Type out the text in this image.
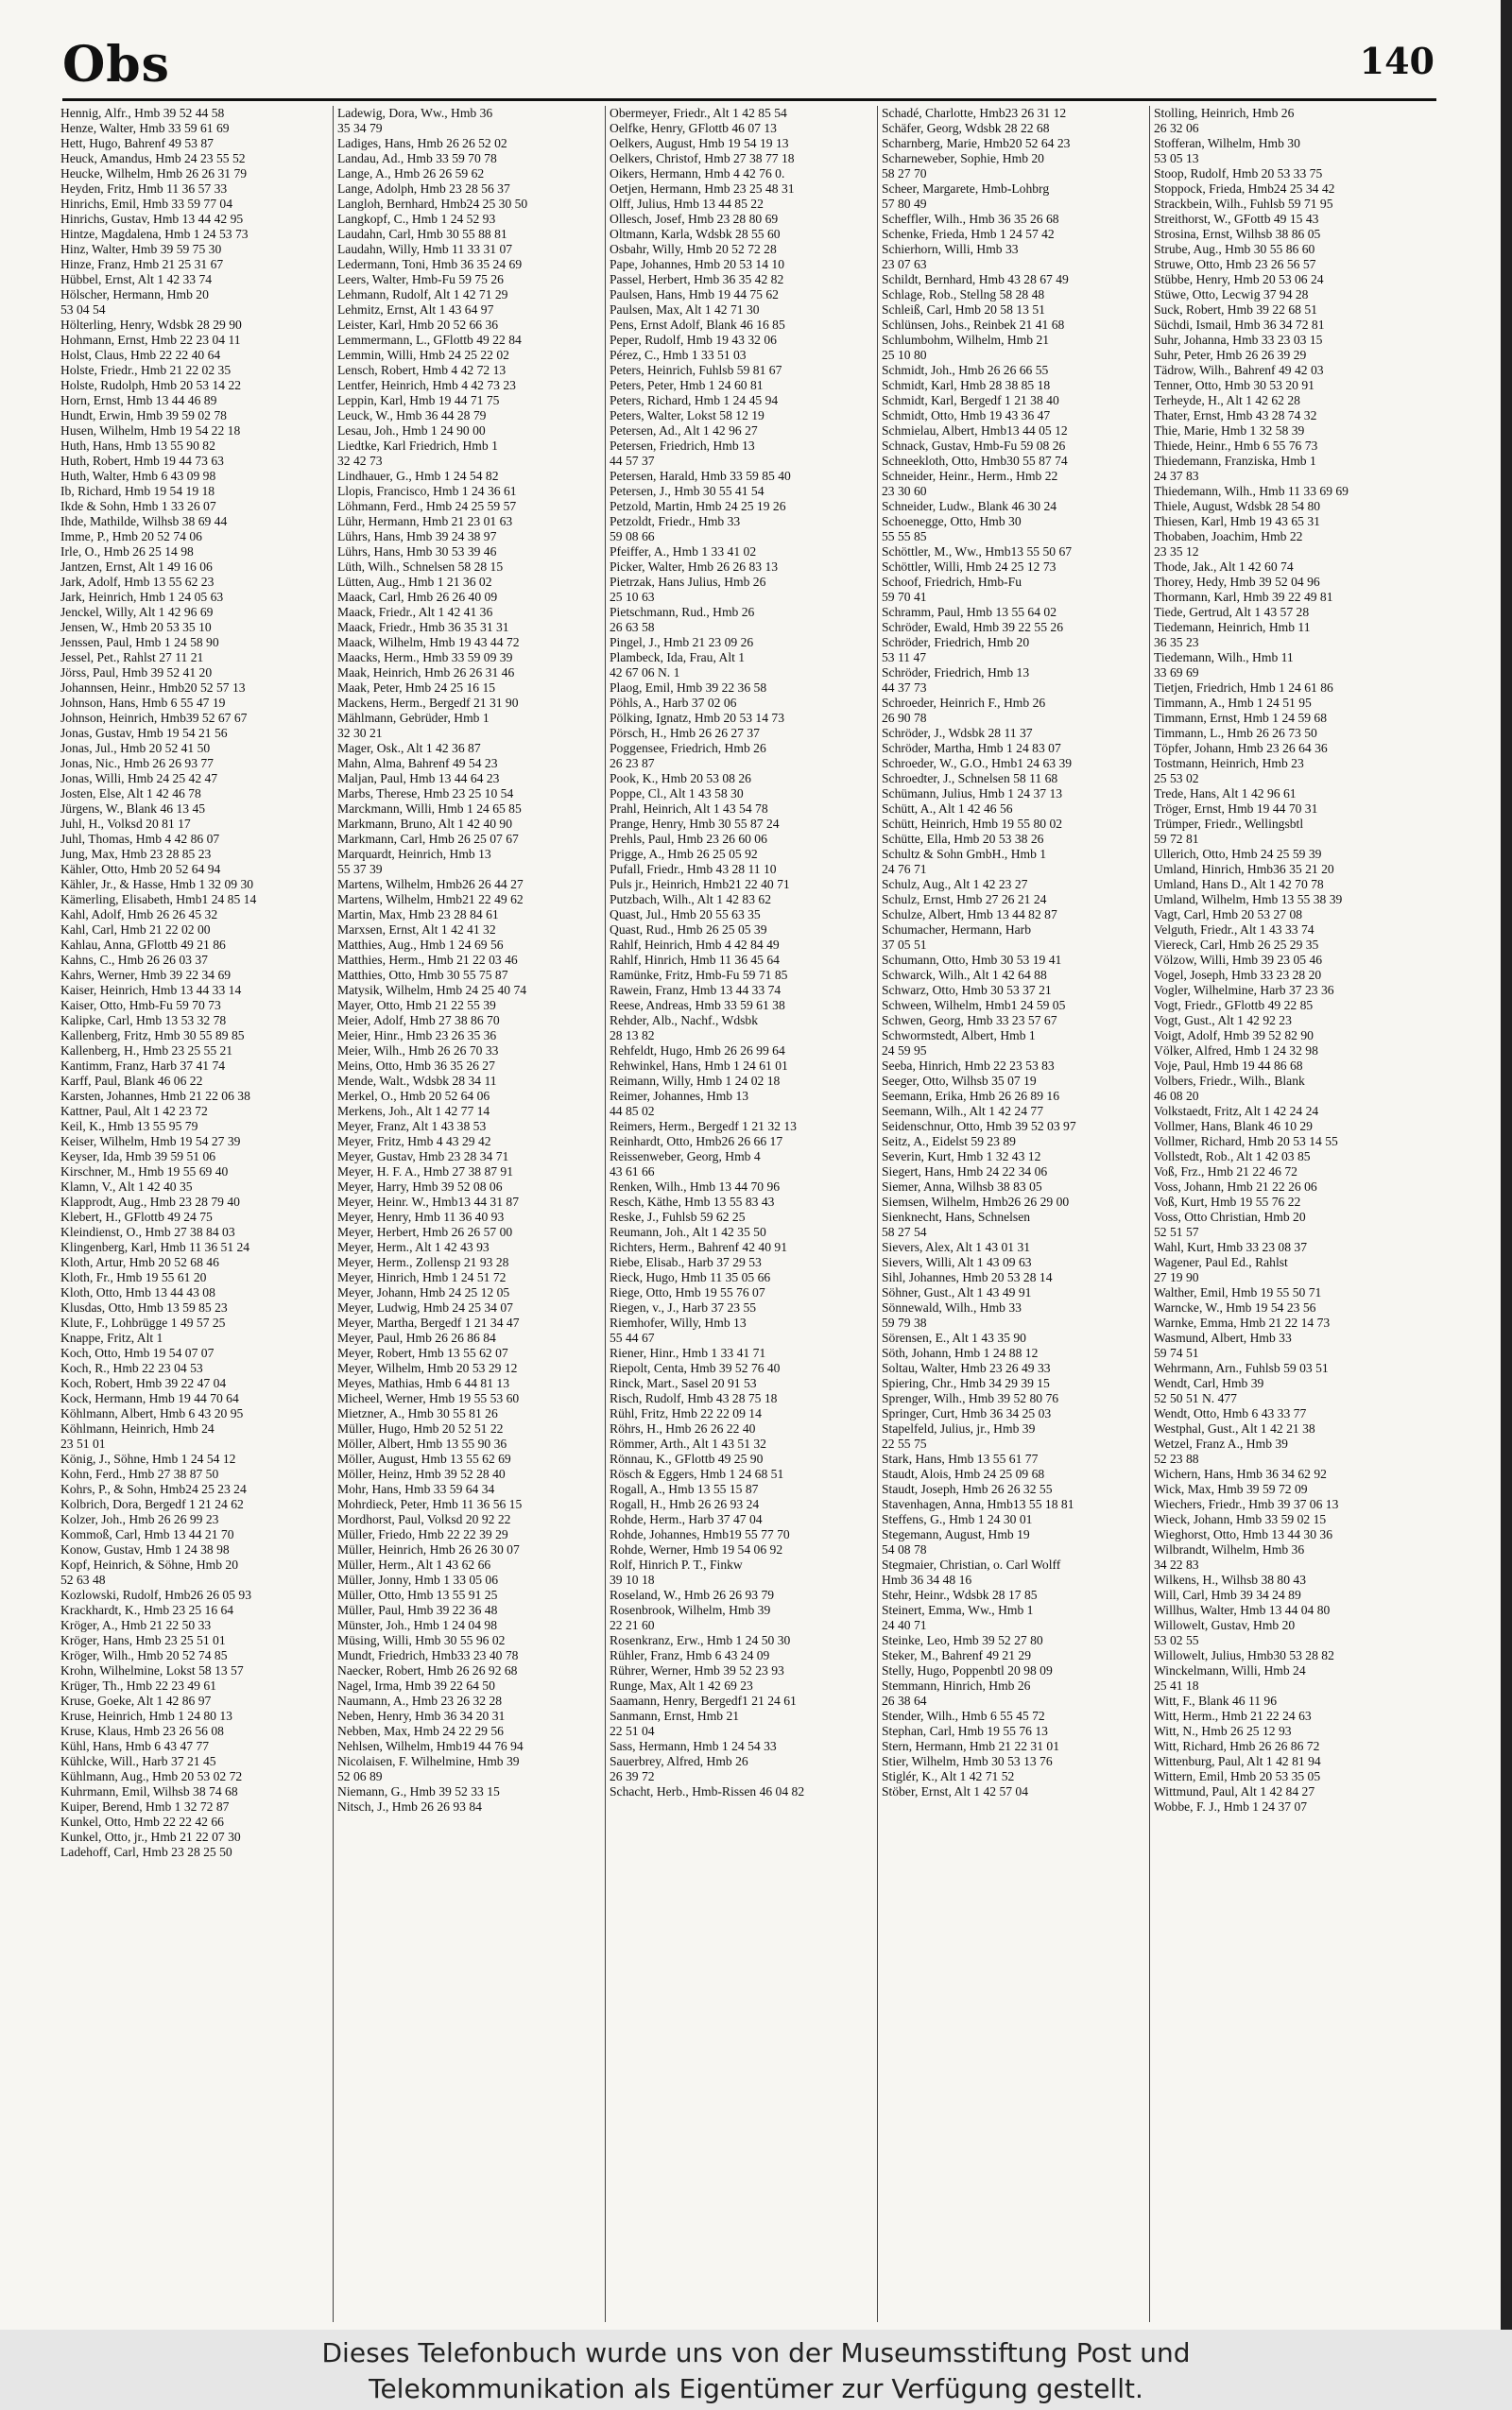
Obs	140
Hennig, Alfr., Hmb 39 52 44 58
Henze, Walter, Hmb 33 59 61 69
Hett, Hugo, Bahrenf 49 53 87
Heuck, Amandus, Hmb 24 23 55 52
Heucke, Wilhelm, Hmb 26 26 31 79
Heyden, Fritz, Hmb 11 36 57 33
Hinrichs, Emil, Hmb 33 59 77 04
Hinrichs, Gustav, Hmb 13 44 42 95
Hintze, Magdalena, Hmb 1 24 53 73
Hinz, Walter, Hmb 39 59 75 30
Hinze, Franz, Hmb 21 25 31 67
Hübbel, Ernst, Alt 1 42 33 74
Hölscher, Hermann, Hmb 20
53 04 54
Hölterling, Henry, Wdsbk 28 29 90
Hohmann, Ernst, Hmb 22 23 04 11
Holst, Claus, Hmb 22 22 40 64
Holste, Friedr., Hmb 21 22 02 35
Holste, Rudolph, Hmb 20 53 14 22
Horn, Ernst, Hmb 13 44 46 89
Hundt, Erwin, Hmb 39 59 02 78
Husen, Wilhelm, Hmb 19 54 22 18
Huth, Hans, Hmb 13 55 90 82
Huth, Robert, Hmb 19 44 73 63
Huth, Walter, Hmb 6 43 09 98
Ib, Richard, Hmb 19 54 19 18
Ikde & Sohn, Hmb 1 33 26 07
Ihde, Mathilde, Wilhsb 38 69 44
Imme, P., Hmb 20 52 74 06
Irle, O., Hmb 26 25 14 98
Jantzen, Ernst, Alt 1 49 16 06
Jark, Adolf, Hmb 13 55 62 23
Jark, Heinrich, Hmb 1 24 05 63
Jenckel, Willy, Alt 1 42 96 69
Jensen, W., Hmb 20 53 35 10
Jenssen, Paul, Hmb 1 24 58 90
Jessel, Pet., Rahlst 27 11 21
Jörss, Paul, Hmb 39 52 41 20
Johannsen, Heinr., Hmb20 52 57 13
Johnson, Hans, Hmb 6 55 47 19
Johnson, Heinrich, Hmb39 52 67 67
Jonas, Gustav, Hmb 19 54 21 56
Jonas, Jul., Hmb 20 52 41 50
Jonas, Nic., Hmb 26 26 93 77
Jonas, Willi, Hmb 24 25 42 47
Josten, Else, Alt 1 42 46 78
Jürgens, W., Blank 46 13 45
Juhl, H., Volksd 20 81 17
Juhl, Thomas, Hmb 4 42 86 07
Jung, Max, Hmb 23 28 85 23
Kähler, Otto, Hmb 20 52 64 94
Kähler, Jr., & Hasse, Hmb 1 32 09 30
Kämerling, Elisabeth, Hmb1 24 85 14
Kahl, Adolf, Hmb 26 26 45 32
Kahl, Carl, Hmb 21 22 02 00
Kahlau, Anna, GFlottb 49 21 86
Kahns, C., Hmb 26 26 03 37
Kahrs, Werner, Hmb 39 22 34 69
Kaiser, Heinrich, Hmb 13 44 33 14
Kaiser, Otto, Hmb-Fu 59 70 73
Kalipke, Carl, Hmb 13 53 32 78
Kallenberg, Fritz, Hmb 30 55 89 85
Kallenberg, H., Hmb 23 25 55 21
Kantimm, Franz, Harb 37 41 74
Karff, Paul, Blank 46 06 22
Karsten, Johannes, Hmb 21 22 06 38
Kattner, Paul, Alt 1 42 23 72
Keil, K., Hmb 13 55 95 79
Keiser, Wilhelm, Hmb 19 54 27 39
Keyser, Ida, Hmb 39 59 51 06
Kirschner, M., Hmb 19 55 69 40
Klamn, V., Alt 1 42 40 35
Klapprodt, Aug., Hmb 23 28 79 40
Klebert, H., GFlottb 49 24 75
Kleindienst, O., Hmb 27 38 84 03
Klingenberg, Karl, Hmb 11 36 51 24
Kloth, Artur, Hmb 20 52 68 46
Kloth, Fr., Hmb 19 55 61 20
Kloth, Otto, Hmb 13 44 43 08
Klusdas, Otto, Hmb 13 59 85 23
Klute, F., Lohbrügge 1 49 57 25
Knappe, Fritz, Alt 1
Koch, Otto, Hmb 19 54 07 07
Koch, R., Hmb 22 23 04 53
Koch, Robert, Hmb 39 22 47 04
Kock, Hermann, Hmb 19 44 70 64
Köhlmann, Albert, Hmb 6 43 20 95
Köhlmann, Heinrich, Hmb 24
23 51 01
König, J., Söhne, Hmb 1 24 54 12
Kohn, Ferd., Hmb 27 38 87 50
Kohrs, P., & Sohn, Hmb24 25 23 24
Kolbrich, Dora, Bergedf 1 21 24 62
Kolzer, Joh., Hmb 26 26 99 23
Kommoß, Carl, Hmb 13 44 21 70
Konow, Gustav, Hmb 1 24 38 98
Kopf, Heinrich, & Söhne, Hmb 20
52 63 48
Kozlowski, Rudolf, Hmb26 26 05 93
Krackhardt, K., Hmb 23 25 16 64
Kröger, A., Hmb 21 22 50 33
Kröger, Hans, Hmb 23 25 51 01
Kröger, Wilh., Hmb 20 52 74 85
Krohn, Wilhelmine, Lokst 58 13 57
Krüger, Th., Hmb 22 23 49 61
Kruse, Goeke, Alt 1 42 86 97
Kruse, Heinrich, Hmb 1 24 80 13
Kruse, Klaus, Hmb 23 26 56 08
Kühl, Hans, Hmb 6 43 47 77
Kühlcke, Will., Harb 37 21 45
Kühlmann, Aug., Hmb 20 53 02 72
Kuhrmann, Emil, Wilhsb 38 74 68
Kuiper, Berend, Hmb 1 32 72 87
Kunkel, Otto, Hmb 22 22 42 66
Kunkel, Otto, jr., Hmb 21 22 07 30
Ladehoff, Carl, Hmb 23 28 25 50
Ladewig, Dora, Ww., Hmb 36
35 34 79
Ladiges, Hans, Hmb 26 26 52 02
Landau, Ad., Hmb 33 59 70 78
Lange, A., Hmb 26 26 59 62
Lange, Adolph, Hmb 23 28 56 37
Langloh, Bernhard, Hmb24 25 30 50
Langkopf, C., Hmb 1 24 52 93
Laudahn, Carl, Hmb 30 55 88 81
Laudahn, Willy, Hmb 11 33 31 07
Ledermann, Toni, Hmb 36 35 24 69
Leers, Walter, Hmb-Fu 59 75 26
Lehmann, Rudolf, Alt 1 42 71 29
Lehmitz, Ernst, Alt 1 43 64 97
Leister, Karl, Hmb 20 52 66 36
Lemmermann, L., GFlottb 49 22 84
Lemmin, Willi, Hmb 24 25 22 02
Lensch, Robert, Hmb 4 42 72 13
Lentfer, Heinrich, Hmb 4 42 73 23
Leppin, Karl, Hmb 19 44 71 75
Leuck, W., Hmb 36 44 28 79
Lesau, Joh., Hmb 1 24 90 00
Liedtke, Karl Friedrich, Hmb 1
32 42 73
Lindhauer, G., Hmb 1 24 54 82
Llopis, Francisco, Hmb 1 24 36 61
Löhmann, Ferd., Hmb 24 25 59 57
Lühr, Hermann, Hmb 21 23 01 63
Lührs, Hans, Hmb 39 24 38 97
Lührs, Hans, Hmb 30 53 39 46
Lüth, Wilh., Schnelsen 58 28 15
Lütten, Aug., Hmb 1 21 36 02
Maack, Carl, Hmb 26 26 40 09
Maack, Friedr., Alt 1 42 41 36
Maack, Friedr., Hmb 36 35 31 31
Maack, Wilhelm, Hmb 19 43 44 72
Maacks, Herm., Hmb 33 59 09 39
Maak, Heinrich, Hmb 26 26 31 46
Maak, Peter, Hmb 24 25 16 15
Mackens, Herm., Bergedf 21 31 90
Mählmann, Gebrüder, Hmb 1
32 30 21
Mager, Osk., Alt 1 42 36 87
Mahn, Alma, Bahrenf 49 54 23
Maljan, Paul, Hmb 13 44 64 23
Marbs, Therese, Hmb 23 25 10 54
Marckmann, Willi, Hmb 1 24 65 85
Markmann, Bruno, Alt 1 42 40 90
Markmann, Carl, Hmb 26 25 07 67
Marquardt, Heinrich, Hmb 13
55 37 39
Martens, Wilhelm, Hmb26 26 44 27
Martens, Wilhelm, Hmb21 22 49 62
Martin, Max, Hmb 23 28 84 61
Marxsen, Ernst, Alt 1 42 41 32
Matthies, Aug., Hmb 1 24 69 56
Matthies, Herm., Hmb 21 22 03 46
Matthies, Otto, Hmb 30 55 75 87
Matysik, Wilhelm, Hmb 24 25 40 74
Mayer, Otto, Hmb 21 22 55 39
Meier, Adolf, Hmb 27 38 86 70
Meier, Hinr., Hmb 23 26 35 36
Meier, Wilh., Hmb 26 26 70 33
Meins, Otto, Hmb 36 35 26 27
Mende, Walt., Wdsbk 28 34 11
Merkel, O., Hmb 20 52 64 06
Merkens, Joh., Alt 1 42 77 14
Meyer, Franz, Alt 1 43 38 53
Meyer, Fritz, Hmb 4 43 29 42
Meyer, Gustav, Hmb 23 28 34 71
Meyer, H. F. A., Hmb 27 38 87 91
Meyer, Harry, Hmb 39 52 08 06
Meyer, Heinr. W., Hmb13 44 31 87
Meyer, Henry, Hmb 11 36 40 93
Meyer, Herbert, Hmb 26 26 57 00
Meyer, Herm., Alt 1 42 43 93
Meyer, Herm., Zollensp 21 93 28
Meyer, Hinrich, Hmb 1 24 51 72
Meyer, Johann, Hmb 24 25 12 05
Meyer, Ludwig, Hmb 24 25 34 07
Meyer, Martha, Bergedf 1 21 34 47
Meyer, Paul, Hmb 26 26 86 84
Meyer, Robert, Hmb 13 55 62 07
Meyer, Wilhelm, Hmb 20 53 29 12
Meyes, Mathias, Hmb 6 44 81 13
Micheel, Werner, Hmb 19 55 53 60
Mietzner, A., Hmb 30 55 81 26
Müller, Hugo, Hmb 20 52 51 22
Möller, Albert, Hmb 13 55 90 36
Möller, August, Hmb 13 55 62 69
Möller, Heinz, Hmb 39 52 28 40
Mohr, Hans, Hmb 33 59 64 34
Mohrdieck, Peter, Hmb 11 36 56 15
Mordhorst, Paul, Volksd 20 92 22
Müller, Friedo, Hmb 22 22 39 29
Müller, Heinrich, Hmb 26 26 30 07
Müller, Herm., Alt 1 43 62 66
Müller, Jonny, Hmb 1 33 05 06
Müller, Otto, Hmb 13 55 91 25
Müller, Paul, Hmb 39 22 36 48
Münster, Joh., Hmb 1 24 04 98
Müsing, Willi, Hmb 30 55 96 02
Mundt, Friedrich, Hmb33 23 40 78
Naecker, Robert, Hmb 26 26 92 68
Nagel, Irma, Hmb 39 22 64 50
Naumann, A., Hmb 23 26 32 28
Neben, Henry, Hmb 36 34 20 31
Nebben, Max, Hmb 24 22 29 56
Nehlsen, Wilhelm, Hmb19 44 76 94
Nicolaisen, F. Wilhelmine, Hmb 39
52 06 89
Niemann, G., Hmb 39 52 33 15
Nitsch, J., Hmb 26 26 93 84
Obermeyer, Friedr., Alt 1 42 85 54
Oelfke, Henry, GFlottb 46 07 13
Oelkers, August, Hmb 19 54 19 13
Oelkers, Christof, Hmb 27 38 77 18
Oikers, Hermann, Hmb 4 42 76 0.
Oetjen, Hermann, Hmb 23 25 48 31
Olff, Julius, Hmb 13 44 85 22
Ollesch, Josef, Hmb 23 28 80 69
Oltmann, Karla, Wdsbk 28 55 60
Osbahr, Willy, Hmb 20 52 72 28
Pape, Johannes, Hmb 20 53 14 10
Passel, Herbert, Hmb 36 35 42 82
Paulsen, Hans, Hmb 19 44 75 62
Paulsen, Max, Alt 1 42 71 30
Pens, Ernst Adolf, Blank 46 16 85
Peper, Rudolf, Hmb 19 43 32 06
Pérez, C., Hmb 1 33 51 03
Peters, Heinrich, Fuhlsb 59 81 67
Peters, Peter, Hmb 1 24 60 81
Peters, Richard, Hmb 1 24 45 94
Peters, Walter, Lokst 58 12 19
Petersen, Ad., Alt 1 42 96 27
Petersen, Friedrich, Hmb 13
44 57 37
Petersen, Harald, Hmb 33 59 85 40
Petersen, J., Hmb 30 55 41 54
Petzold, Martin, Hmb 24 25 19 26
Petzoldt, Friedr., Hmb 33
59 08 66
Pfeiffer, A., Hmb 1 33 41 02
Picker, Walter, Hmb 26 26 83 13
Pietrzak, Hans Julius, Hmb 26
25 10 63
Pietschmann, Rud., Hmb 26
26 63 58
Pingel, J., Hmb 21 23 09 26
Plambeck, Ida, Frau, Alt 1
42 67 06 N. 1
Plaog, Emil, Hmb 39 22 36 58
Pöhls, A., Harb 37 02 06
Pölking, Ignatz, Hmb 20 53 14 73
Pörsch, H., Hmb 26 26 27 37
Poggensee, Friedrich, Hmb 26
26 23 87
Pook, K., Hmb 20 53 08 26
Poppe, Cl., Alt 1 43 58 30
Prahl, Heinrich, Alt 1 43 54 78
Prange, Henry, Hmb 30 55 87 24
Prehls, Paul, Hmb 23 26 60 06
Prigge, A., Hmb 26 25 05 92
Pufall, Friedr., Hmb 43 28 11 10
Puls jr., Heinrich, Hmb21 22 40 71
Putzbach, Wilh., Alt 1 42 83 62
Quast, Jul., Hmb 20 55 63 35
Quast, Rud., Hmb 26 25 05 39
Rahlf, Heinrich, Hmb 4 42 84 49
Rahlf, Hinrich, Hmb 11 36 45 64
Ramünke, Fritz, Hmb-Fu 59 71 85
Rawein, Franz, Hmb 13 44 33 74
Reese, Andreas, Hmb 33 59 61 38
Rehder, Alb., Nachf., Wdsbk
28 13 82
Rehfeldt, Hugo, Hmb 26 26 99 64
Rehwinkel, Hans, Hmb 1 24 61 01
Reimann, Willy, Hmb 1 24 02 18
Reimer, Johannes, Hmb 13
44 85 02
Reimers, Herm., Bergedf 1 21 32 13
Reinhardt, Otto, Hmb26 26 66 17
Reissenweber, Georg, Hmb 4
43 61 66
Renken, Wilh., Hmb 13 44 70 96
Resch, Käthe, Hmb 13 55 83 43
Reske, J., Fuhlsb 59 62 25
Reumann, Joh., Alt 1 42 35 50
Richters, Herm., Bahrenf 42 40 91
Riebe, Elisab., Harb 37 29 53
Rieck, Hugo, Hmb 11 35 05 66
Riege, Otto, Hmb 19 55 76 07
Riegen, v., J., Harb 37 23 55
Riemhofer, Willy, Hmb 13
55 44 67
Riener, Hinr., Hmb 1 33 41 71
Riepolt, Centa, Hmb 39 52 76 40
Rinck, Mart., Sasel 20 91 53
Risch, Rudolf, Hmb 43 28 75 18
Rühl, Fritz, Hmb 22 22 09 14
Röhrs, H., Hmb 26 26 22 40
Römmer, Arth., Alt 1 43 51 32
Rönnau, K., GFlottb 49 25 90
Rösch & Eggers, Hmb 1 24 68 51
Rogall, A., Hmb 13 55 15 87
Rogall, H., Hmb 26 26 93 24
Rohde, Herm., Harb 37 47 04
Rohde, Johannes, Hmb19 55 77 70
Rohde, Werner, Hmb 19 54 06 92
Rolf, Hinrich P. T., Finkw
39 10 18
Roseland, W., Hmb 26 26 93 79
Rosenbrook, Wilhelm, Hmb 39
22 21 60
Rosenkranz, Erw., Hmb 1 24 50 30
Rühler, Franz, Hmb 6 43 24 09
Rührer, Werner, Hmb 39 52 23 93
Runge, Max, Alt 1 42 69 23
Saamann, Henry, Bergedf1 21 24 61
Sanmann, Ernst, Hmb 21
22 51 04
Sass, Hermann, Hmb 1 24 54 33
Sauerbrey, Alfred, Hmb 26
26 39 72
Schacht, Herb., Hmb-Rissen 46 04 82
Schadé, Charlotte, Hmb23 26 31 12
Schäfer, Georg, Wdsbk 28 22 68
Scharnberg, Marie, Hmb20 52 64 23
Scharneweber, Sophie, Hmb 20
58 27 70
Scheer, Margarete, Hmb-Lohbrg
57 80 49
Scheffler, Wilh., Hmb 36 35 26 68
Schenke, Frieda, Hmb 1 24 57 42
Schierhorn, Willi, Hmb 33
23 07 63
Schildt, Bernhard, Hmb 43 28 67 49
Schlage, Rob., Stellng 58 28 48
Schleiß, Carl, Hmb 20 58 13 51
Schlünsen, Johs., Reinbek 21 41 68
Schlumbohm, Wilhelm, Hmb 21
25 10 80
Schmidt, Joh., Hmb 26 26 66 55
Schmidt, Karl, Hmb 28 38 85 18
Schmidt, Karl, Bergedf 1 21 38 40
Schmidt, Otto, Hmb 19 43 36 47
Schmielau, Albert, Hmb13 44 05 12
Schnack, Gustav, Hmb-Fu 59 08 26
Schneekloth, Otto, Hmb30 55 87 74
Schneider, Heinr., Herm., Hmb 22
23 30 60
Schneider, Ludw., Blank 46 30 24
Schoenegge, Otto, Hmb 30
55 55 85
Schöttler, M., Ww., Hmb13 55 50 67
Schöttler, Willi, Hmb 24 25 12 73
Schoof, Friedrich, Hmb-Fu
59 70 41
Schramm, Paul, Hmb 13 55 64 02
Schröder, Ewald, Hmb 39 22 55 26
Schröder, Friedrich, Hmb 20
53 11 47
Schröder, Friedrich, Hmb 13
44 37 73
Schroeder, Heinrich F., Hmb 26
26 90 78
Schröder, J., Wdsbk 28 11 37
Schröder, Martha, Hmb 1 24 83 07
Schroeder, W., G.O., Hmb1 24 63 39
Schroedter, J., Schnelsen 58 11 68
Schümann, Julius, Hmb 1 24 37 13
Schütt, A., Alt 1 42 46 56
Schütt, Heinrich, Hmb 19 55 80 02
Schütte, Ella, Hmb 20 53 38 26
Schultz & Sohn GmbH., Hmb 1
24 76 71
Schulz, Aug., Alt 1 42 23 27
Schulz, Ernst, Hmb 27 26 21 24
Schulze, Albert, Hmb 13 44 82 87
Schumacher, Hermann, Harb
37 05 51
Schumann, Otto, Hmb 30 53 19 41
Schwarck, Wilh., Alt 1 42 64 88
Schwarz, Otto, Hmb 30 53 37 21
Schween, Wilhelm, Hmb1 24 59 05
Schwen, Georg, Hmb 33 23 57 67
Schwormstedt, Albert, Hmb 1
24 59 95
Seeba, Hinrich, Hmb 22 23 53 83
Seeger, Otto, Wilhsb 35 07 19
Seemann, Erika, Hmb 26 26 89 16
Seemann, Wilh., Alt 1 42 24 77
Seidenschnur, Otto, Hmb 39 52 03 97
Seitz, A., Eidelst 59 23 89
Severin, Kurt, Hmb 1 32 43 12
Siegert, Hans, Hmb 24 22 34 06
Siemer, Anna, Wilhsb 38 83 05
Siemsen, Wilhelm, Hmb26 26 29 00
Sienknecht, Hans, Schnelsen
58 27 54
Sievers, Alex, Alt 1 43 01 31
Sievers, Willi, Alt 1 43 09 63
Sihl, Johannes, Hmb 20 53 28 14
Söhner, Gust., Alt 1 43 49 91
Sönnewald, Wilh., Hmb 33
59 79 38
Sörensen, E., Alt 1 43 35 90
Söth, Johann, Hmb 1 24 88 12
Soltau, Walter, Hmb 23 26 49 33
Spiering, Chr., Hmb 34 29 39 15
Sprenger, Wilh., Hmb 39 52 80 76
Springer, Curt, Hmb 36 34 25 03
Stapelfeld, Julius, jr., Hmb 39
22 55 75
Stark, Hans, Hmb 13 55 61 77
Staudt, Alois, Hmb 24 25 09 68
Staudt, Joseph, Hmb 26 26 32 55
Stavenhagen, Anna, Hmb13 55 18 81
Steffens, G., Hmb 1 24 30 01
Stegemann, August, Hmb 19
54 08 78
Stegmaier, Christian, o. Carl Wolff
Hmb 36 34 48 16
Stehr, Heinr., Wdsbk 28 17 85
Steinert, Emma, Ww., Hmb 1
24 40 71
Steinke, Leo, Hmb 39 52 27 80
Steker, M., Bahrenf 49 21 29
Stelly, Hugo, Poppenbtl 20 98 09
Stemmann, Hinrich, Hmb 26
26 38 64
Stender, Wilh., Hmb 6 55 45 72
Stephan, Carl, Hmb 19 55 76 13
Stern, Hermann, Hmb 21 22 31 01
Stier, Wilhelm, Hmb 30 53 13 76
Stiglér, K., Alt 1 42 71 52
Stöber, Ernst, Alt 1 42 57 04
Stolling, Heinrich, Hmb 26
26 32 06
Stofferan, Wilhelm, Hmb 30
53 05 13
Stoop, Rudolf, Hmb 20 53 33 75
Stoppock, Frieda, Hmb24 25 34 42
Strackbein, Wilh., Fuhlsb 59 71 95
Streithorst, W., GFottb 49 15 43
Strosina, Ernst, Wilhsb 38 86 05
Strube, Aug., Hmb 30 55 86 60
Struwe, Otto, Hmb 23 26 56 57
Stübbe, Henry, Hmb 20 53 06 24
Stüwe, Otto, Lecwig 37 94 28
Suck, Robert, Hmb 39 22 68 51
Süchdi, Ismail, Hmb 36 34 72 81
Suhr, Johanna, Hmb 33 23 03 15
Suhr, Peter, Hmb 26 26 39 29
Tädrow, Wilh., Bahrenf 49 42 03
Tenner, Otto, Hmb 30 53 20 91
Terheyde, H., Alt 1 42 62 28
Thater, Ernst, Hmb 43 28 74 32
Thie, Marie, Hmb 1 32 58 39
Thiede, Heinr., Hmb 6 55 76 73
Thiedemann, Franziska, Hmb 1
24 37 83
Thiedemann, Wilh., Hmb 11 33 69 69
Thiele, August, Wdsbk 28 54 80
Thiesen, Karl, Hmb 19 43 65 31
Thobaben, Joachim, Hmb 22
23 35 12
Thode, Jak., Alt 1 42 60 74
Thorey, Hedy, Hmb 39 52 04 96
Thormann, Karl, Hmb 39 22 49 81
Tiede, Gertrud, Alt 1 43 57 28
Tiedemann, Heinrich, Hmb 11
36 35 23
Tiedemann, Wilh., Hmb 11
33 69 69
Tietjen, Friedrich, Hmb 1 24 61 86
Timmann, A., Hmb 1 24 51 95
Timmann, Ernst, Hmb 1 24 59 68
Timmann, L., Hmb 26 26 73 50
Töpfer, Johann, Hmb 23 26 64 36
Tostmann, Heinrich, Hmb 23
25 53 02
Trede, Hans, Alt 1 42 96 61
Tröger, Ernst, Hmb 19 44 70 31
Trümper, Friedr., Wellingsbtl
59 72 81
Ullerich, Otto, Hmb 24 25 59 39
Umland, Hinrich, Hmb36 35 21 20
Umland, Hans D., Alt 1 42 70 78
Umland, Wilhelm, Hmb 13 55 38 39
Vagt, Carl, Hmb 20 53 27 08
Velguth, Friedr., Alt 1 43 33 74
Viereck, Carl, Hmb 26 25 29 35
Völzow, Willi, Hmb 39 23 05 46
Vogel, Joseph, Hmb 33 23 28 20
Vogler, Wilhelmine, Harb 37 23 36
Vogt, Friedr., GFlottb 49 22 85
Vogt, Gust., Alt 1 42 92 23
Voigt, Adolf, Hmb 39 52 82 90
Völker, Alfred, Hmb 1 24 32 98
Voje, Paul, Hmb 19 44 86 68
Volbers, Friedr., Wilh., Blank
46 08 20
Volkstaedt, Fritz, Alt 1 42 24 24
Vollmer, Hans, Blank 46 10 29
Vollmer, Richard, Hmb 20 53 14 55
Vollstedt, Rob., Alt 1 42 03 85
Voß, Frz., Hmb 21 22 46 72
Voss, Johann, Hmb 21 22 26 06
Voß, Kurt, Hmb 19 55 76 22
Voss, Otto Christian, Hmb 20
52 51 57
Wahl, Kurt, Hmb 33 23 08 37
Wagener, Paul Ed., Rahlst
27 19 90
Walther, Emil, Hmb 19 55 50 71
Warncke, W., Hmb 19 54 23 56
Warnke, Emma, Hmb 21 22 14 73
Wasmund, Albert, Hmb 33
59 74 51
Wehrmann, Arn., Fuhlsb 59 03 51
Wendt, Carl, Hmb 39
52 50 51 N. 477
Wendt, Otto, Hmb 6 43 33 77
Westphal, Gust., Alt 1 42 21 38
Wetzel, Franz A., Hmb 39
52 23 88
Wichern, Hans, Hmb 36 34 62 92
Wick, Max, Hmb 39 59 72 09
Wiechers, Friedr., Hmb 39 37 06 13
Wieck, Johann, Hmb 33 59 02 15
Wieghorst, Otto, Hmb 13 44 30 36
Wilbrandt, Wilhelm, Hmb 36
34 22 83
Wilkens, H., Wilhsb 38 80 43
Will, Carl, Hmb 39 34 24 89
Willhus, Walter, Hmb 13 44 04 80
Willowelt, Gustav, Hmb 20
53 02 55
Willowelt, Julius, Hmb30 53 28 82
Winckelmann, Willi, Hmb 24
25 41 18
Witt, F., Blank 46 11 96
Witt, Herm., Hmb 21 22 24 63
Witt, N., Hmb 26 25 12 93
Witt, Richard, Hmb 26 26 86 72
Wittenburg, Paul, Alt 1 42 81 94
Wittern, Emil, Hmb 20 53 35 05
Wittmund, Paul, Alt 1 42 84 27
Wobbe, F. J., Hmb 1 24 37 07
Dieses Telefonbuch wurde uns von der Museumsstiftung Post und
Telekommunikation als Eigentümer zur Verfügung gestellt.
